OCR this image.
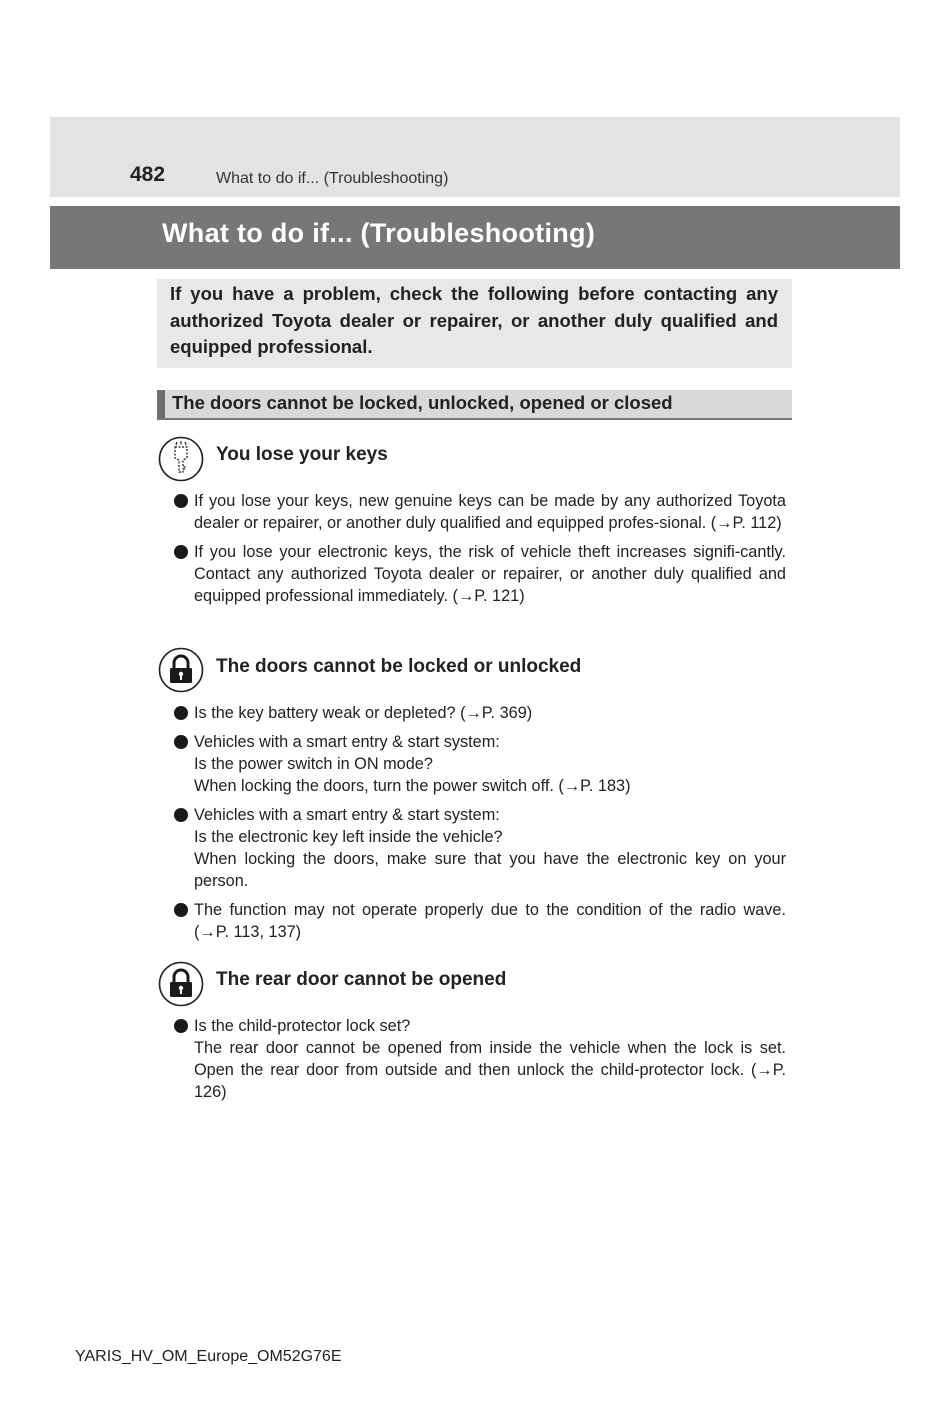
482	What to do if... (Troubleshooting)
What to do if... (Troubleshooting)

If you have a problem, check the following before contacting any authorized Toyota dealer or repairer, or another duly qualified and equipped professional.

The doors cannot be locked, unlocked, opened or closed
You lose your keys
If you lose your keys, new genuine keys can be made by any authorized Toyota dealer or repairer, or another duly qualified and equipped profes-sional. (→P. 112)
If you lose your electronic keys, the risk of vehicle theft increases signifi-cantly. Contact any authorized Toyota dealer or repairer, or another duly qualified and equipped professional immediately. (→P. 121)
The doors cannot be locked or unlocked
Is the key battery weak or depleted? (→P. 369)
Vehicles with a smart entry & start system:
Is the power switch in ON mode?
When locking the doors, turn the power switch off. (→P. 183)
Vehicles with a smart entry & start system:
Is the electronic key left inside the vehicle?
When locking the doors, make sure that you have the electronic key on your person.
The function may not operate properly due to the condition of the radio wave. (→P. 113, 137)
The rear door cannot be opened
Is the child-protector lock set?
The rear door cannot be opened from inside the vehicle when the lock is set. Open the rear door from outside and then unlock the child-protector lock. (→P. 126)
YARIS_HV_OM_Europe_OM52G76E
